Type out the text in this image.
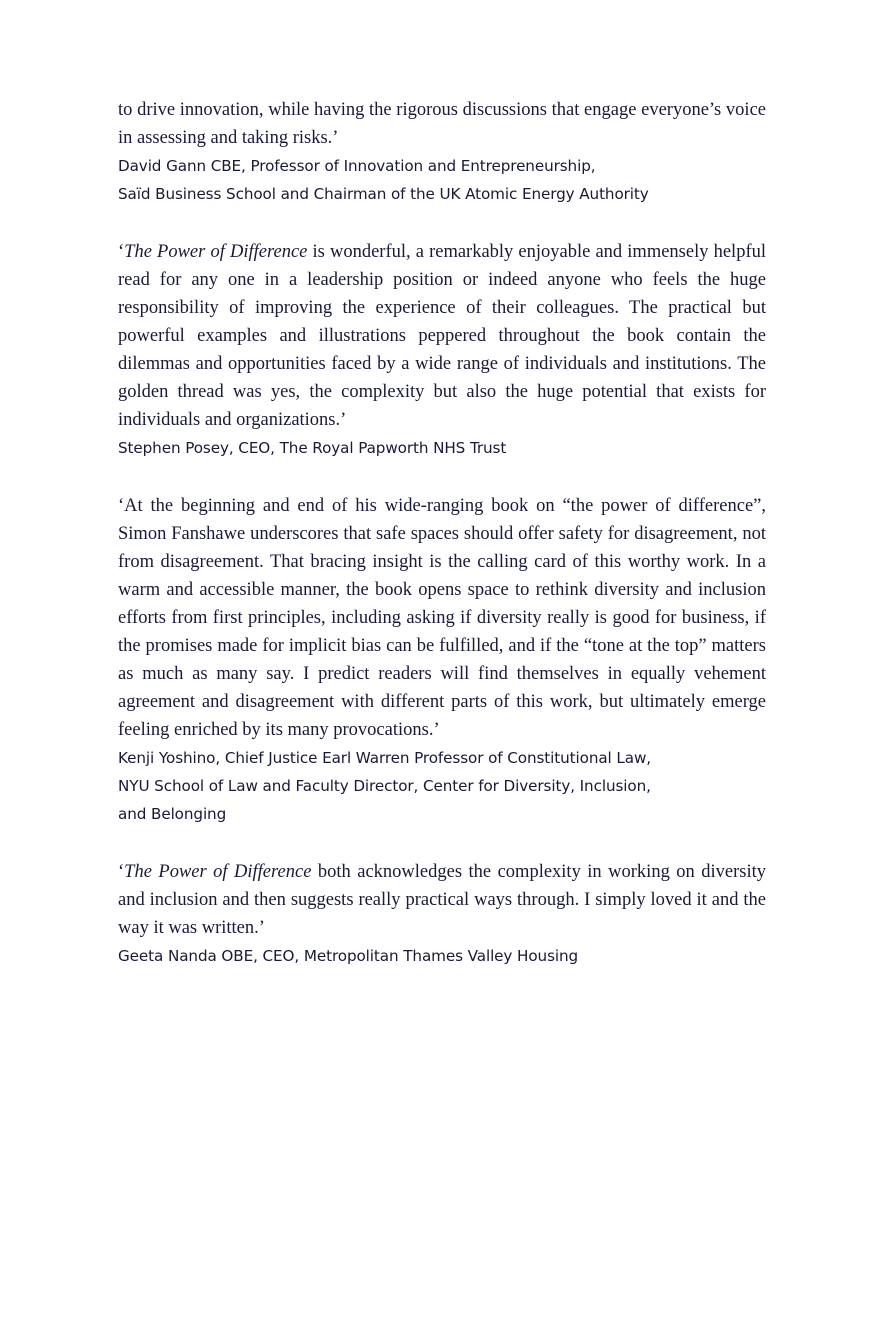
to drive innovation, while having the rigorous discussions that engage everyone’s voice in assessing and taking risks.’

David Gann CBE, Professor of Innovation and Entrepreneurship,
Saïd Business School and Chairman of the UK Atomic Energy Authority

‘The Power of Difference is wonderful, a remarkably enjoyable and immensely helpful read for any one in a leadership position or indeed anyone who feels the huge responsibility of improving the experience of their colleagues. The practical but powerful examples and illustrations peppered throughout the book contain the dilemmas and opportunities faced by a wide range of individuals and institutions. The golden thread was yes, the complexity but also the huge potential that exists for individuals and organizations.’

Stephen Posey, CEO, The Royal Papworth NHS Trust

‘At the beginning and end of his wide-ranging book on “the power of difference”, Simon Fanshawe underscores that safe spaces should offer safety for disagreement, not from disagreement. That bracing insight is the calling card of this worthy work. In a warm and accessible manner, the book opens space to rethink diversity and inclusion efforts from first principles, including asking if diversity really is good for business, if the promises made for implicit bias can be fulfilled, and if the “tone at the top” matters as much as many say. I predict readers will find themselves in equally vehement agreement and disagreement with different parts of this work, but ultimately emerge feeling enriched by its many provocations.’

Kenji Yoshino, Chief Justice Earl Warren Professor of Constitutional Law,
NYU School of Law and Faculty Director, Center for Diversity, Inclusion,
and Belonging

‘The Power of Difference both acknowledges the complexity in working on diversity and inclusion and then suggests really practical ways through. I simply loved it and the way it was written.’

Geeta Nanda OBE, CEO, Metropolitan Thames Valley Housing
